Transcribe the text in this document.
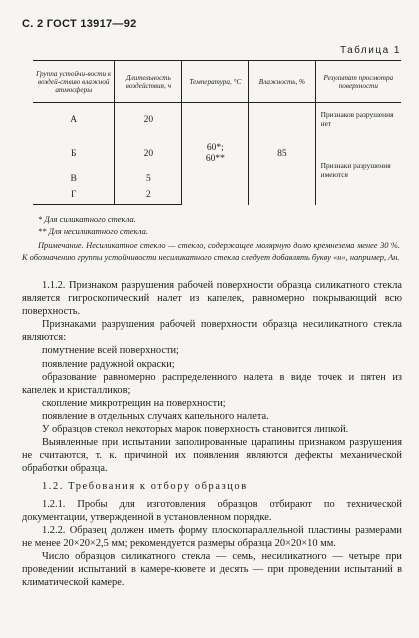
С. 2 ГОСТ 13917—92
Таблица 1
Группа устойчи-вости к воздей-ствию влажной атмосферы	Длительность воздействия, ч	Температура, °С	Влажность, %	Результат просмотра поверхности
А	20	60*; 60**	85	Признаков разрушения нет
Б	20			Признаки разрушения имеются
В	5			
Г	2			
* Для силикатного стекла.
** Для несиликатного стекла.
Примечание. Несиликатное стекло — стекло, содержащее молярную долю кремнезема менее 30 %. К обозначению группы устойчивости несиликатного стекла следует добавлять букву «н», например, Ан.

1.1.2. Признаком разрушения рабочей поверхности образца силикатного стекла является гигроскопический налет из капелек, равномерно покрывающий всю поверхность.

Признаками разрушения рабочей поверхности образца несиликатного стекла являются:

помутнение всей поверхности;

появление радужной окраски;

образование равномерно распределенного налета в виде точек и пятен из капелек и кристалликов;

скопление микротрещин на поверхности;

появление в отдельных случаях капельного налета.

У образцов стекол некоторых марок поверхность становится липкой.

Выявленные при испытании заполированные царапины признаком разрушения не считаются, т. к. причиной их появления являются дефекты механической обработки образца.

1.2. Требования к отбору образцов

1.2.1. Пробы для изготовления образцов отбирают по технической документации, утвержденной в установленном порядке.

1.2.2. Образец должен иметь форму плоскопараллельной пластины размерами не менее 20×20×2,5 мм; рекомендуется размеры образца 20×20×10 мм.

Число образцов силикатного стекла — семь, несиликатного — четыре при проведении испытаний в камере-кювете и десять — при проведении испытаний в климатической камере.
